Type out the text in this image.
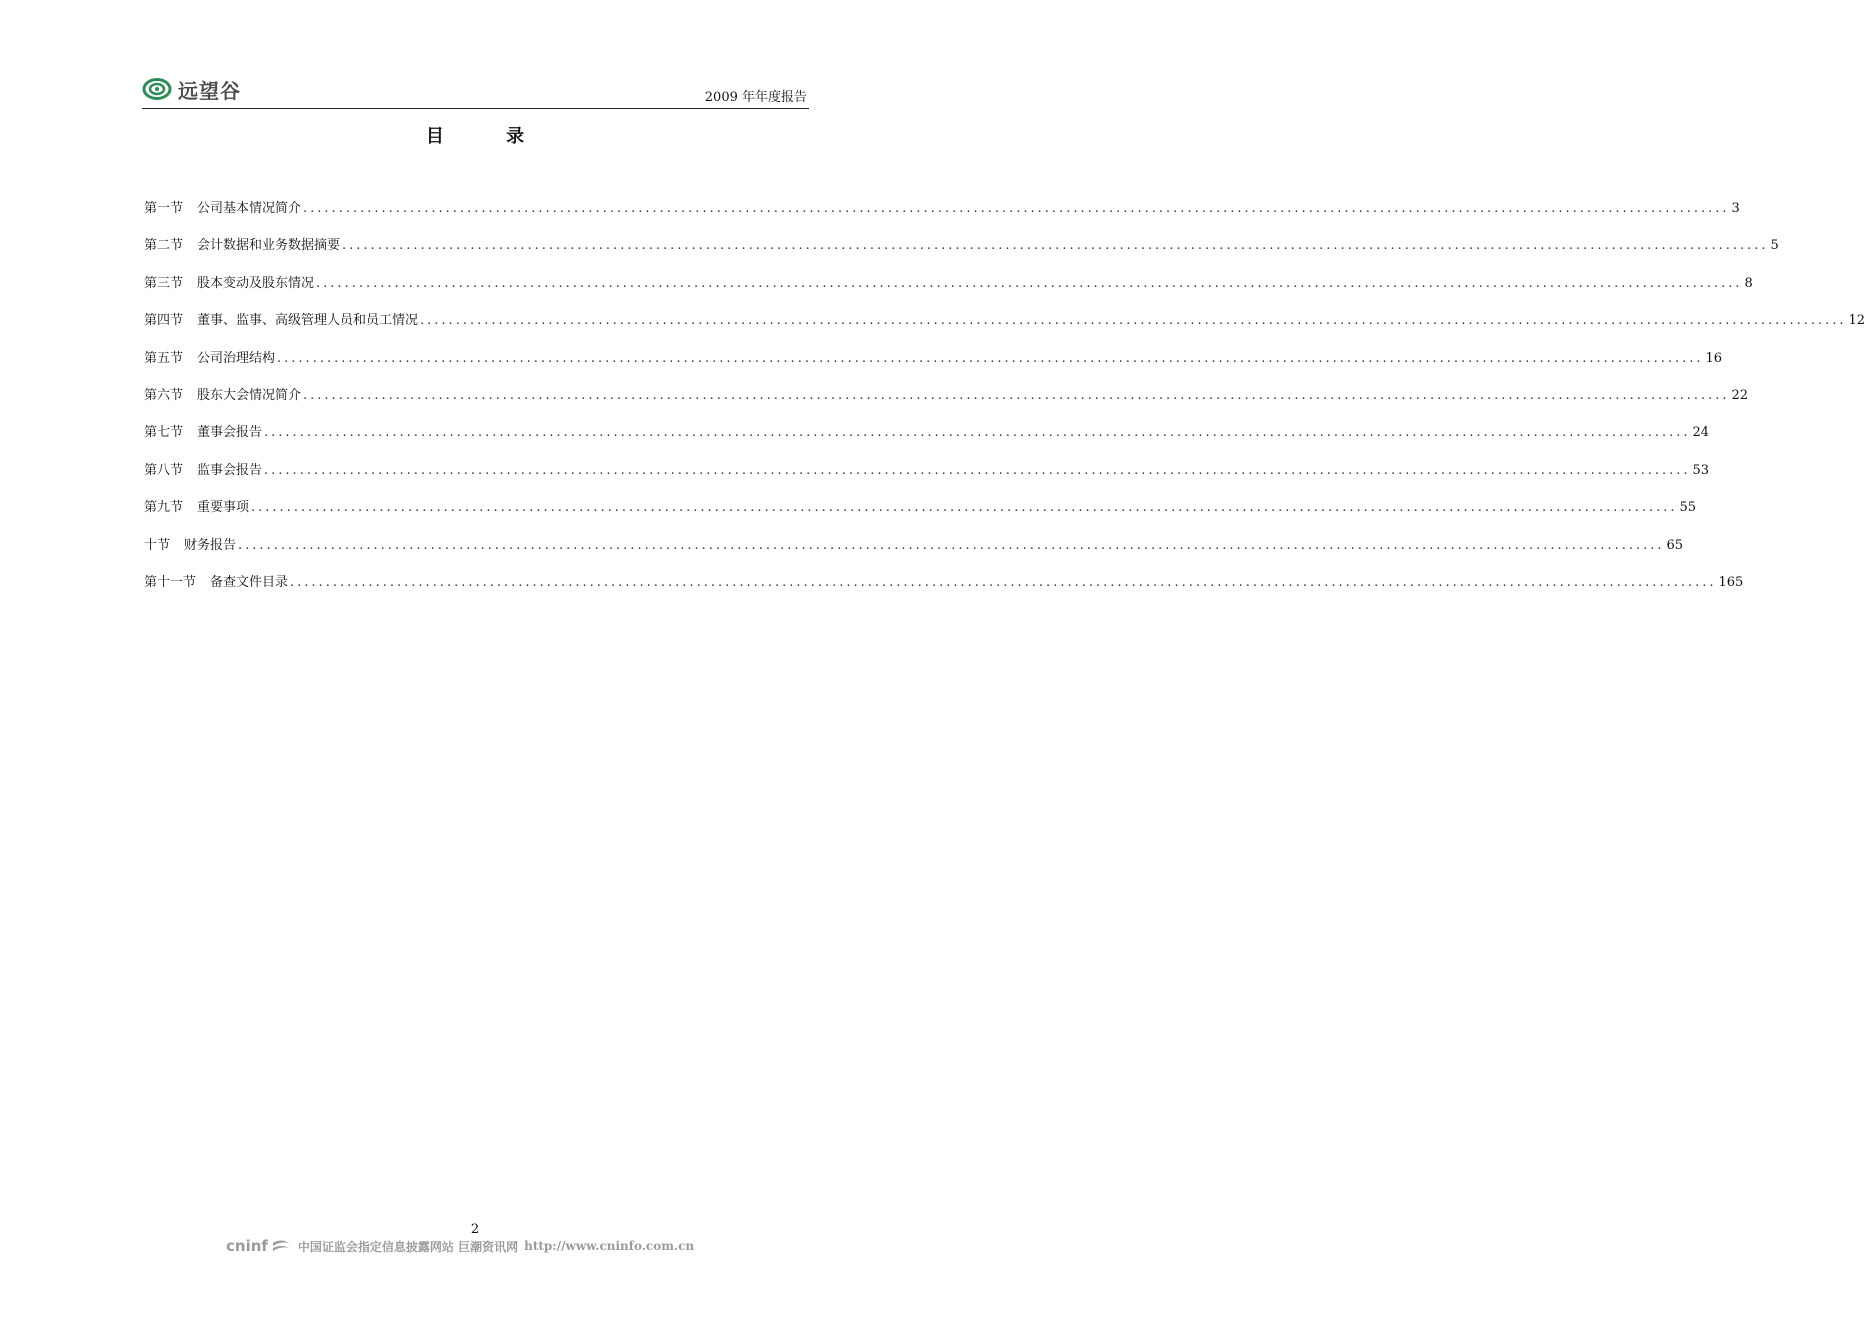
远望谷	2009 年年度报告
目 录
第一节	公司基本情况简介 ........................................................................................................................................................................................................ 3
第二节	会计数据和业务数据摘要 ........................................................................................................................................................................................................ 5
第三节	股本变动及股东情况 ........................................................................................................................................................................................................ 8
第四节	董事、监事、高级管理人员和员工情况 ........................................................................................................................................................................................................ 12
第五节	公司治理结构 ........................................................................................................................................................................................................ 16
第六节	股东大会情况简介 ........................................................................................................................................................................................................ 22
第七节	董事会报告 ........................................................................................................................................................................................................ 24
第八节	监事会报告 ........................................................................................................................................................................................................ 53
第九节	重要事项 ........................................................................................................................................................................................................ 55
十节	财务报告 ........................................................................................................................................................................................................ 65
第十一节	备查文件目录 ........................................................................................................................................................................................................ 165
2
cninf	中国证监会指定信息披露网站 巨潮资讯网 http://www.cninfo.com.cn
